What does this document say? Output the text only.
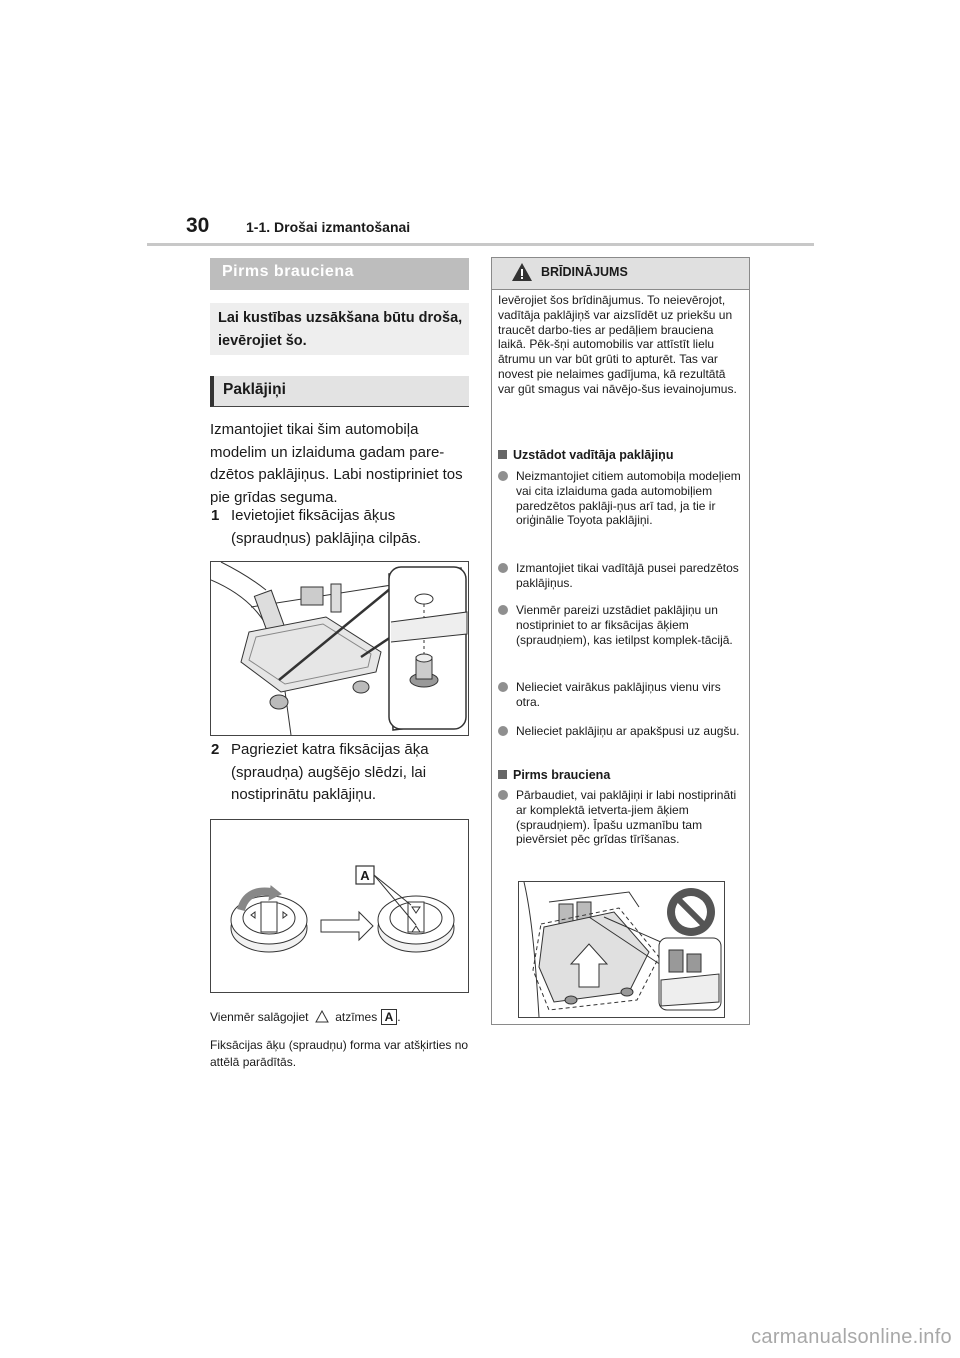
30	1-1. Drošai izmantošanai
Pirms brauciena
Lai kustības uzsākšana būtu droša, ievērojiet šo.
Paklājiņi
Izmantojiet tikai šim automobiļa modelim un izlaiduma gadam pare-dzētos paklājiņus. Labi nostipriniet tos pie grīdas seguma.
1 Ievietojiet fiksācijas āķus (spraudņus) paklājiņa cilpās.
2 Pagrieziet katra fiksācijas āķa (spraudņa) augšējo slēdzi, lai nostiprinātu paklājiņu.
A
Vienmēr salāgojiet atzīmes A .
Fiksācijas āķu (spraudņu) forma var atšķirties no attēlā parādītās.
BRĪDINĀJUMS
Ievērojiet šos brīdinājumus. To neievērojot, vadītāja paklājiņš var aizslīdēt uz priekšu un traucēt darbo-ties ar pedāļiem brauciena laikā. Pēk-šņi automobilis var attīstīt lielu ātrumu un var būt grūti to apturēt. Tas var novest pie nelaimes gadījuma, kā rezultātā var gūt smagus vai nāvējo-šus ievainojumus.
Uzstādot vadītāja paklājiņu
Neizmantojiet citiem automobiļa modeļiem vai cita izlaiduma gada automobiļiem paredzētos paklāji-ņus arī tad, ja tie ir oriģinālie Toyota paklājiņi.
Izmantojiet tikai vadītājā pusei paredzētos paklājiņus.
Vienmēr pareizi uzstādiet paklājiņu un nostipriniet to ar fiksācijas āķiem (spraudņiem), kas ietilpst komplek-tācijā.
Nelieciet vairākus paklājiņus vienu virs otra.
Nelieciet paklājiņu ar apakšpusi uz augšu.
Pirms brauciena
Pārbaudiet, vai paklājiņi ir labi nostiprināti ar komplektā ietverta-jiem āķiem (spraudņiem). Īpašu uzmanību tam pievērsiet pēc grīdas tīrīšanas.
carmanualsonline.info
